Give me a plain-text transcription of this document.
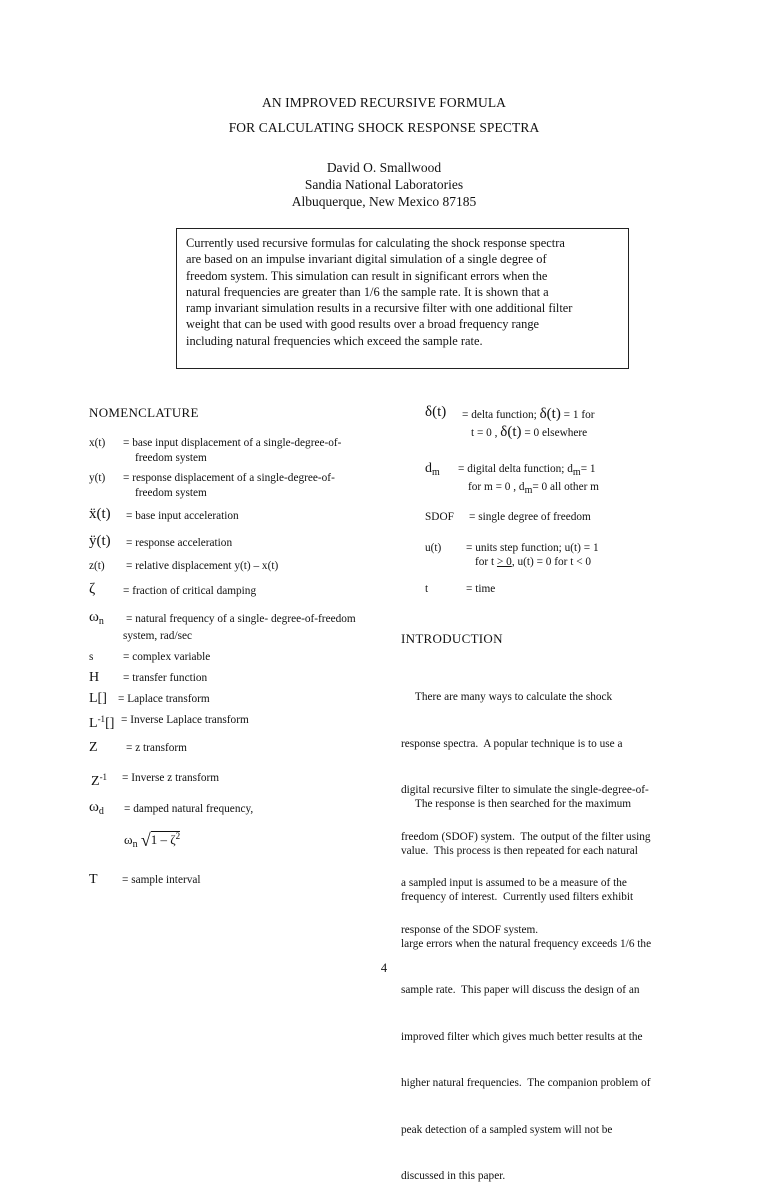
AN IMPROVED RECURSIVE FORMULA
FOR CALCULATING SHOCK RESPONSE SPECTRA
David O. Smallwood
Sandia National Laboratories
Albuquerque, New Mexico 87185
Currently used recursive formulas for calculating the shock response spectra
are based on an impulse invariant digital simulation of a single degree of
freedom system. This simulation can result in significant errors when the
natural frequencies are greater than 1/6 the sample rate. It is shown that a
ramp invariant simulation results in a recursive filter with one additional filter
weight that can be used with good results over a broad frequency range
including natural frequencies which exceed the sample rate.
NOMENCLATURE
x(t) = base input displacement of a single-degree-of-
freedom system
y(t) = response displacement of a single-degree-of-
freedom system
ẍ(t) = base input acceleration
ÿ(t) = response acceleration
z(t) = relative displacement y(t) – x(t)
ζ = fraction of critical damping
$\omega_n$ = natural frequency of a single- degree-of-freedom
system, rad/sec
s	= complex variable
H = transfer function
L[] = Laplace transform
$L^{-1}[]$ = Inverse Laplace transform
Z	= z transform
$Z^{-1}$ = Inverse z transform
$\omega_d$ = damped natural frequency,
$\omega_n$ $√1 - \zeta^2$
T = sample interval
δ(t) = delta function; δ(t) = 1 for
t = 0 , δ(t) = 0 elsewhere
$d_m$ = digital delta function; dm= 1
for m = 0 , dm= 0 all other m
SDOF = single degree of freedom
u(t) = units step function; u(t) = 1
for t > 0, u(t) = 0 for t < 0
t	= time
INTRODUCTION

There are many ways to calculate the shock

response spectra.  A popular technique is to use a

digital recursive filter to simulate the single-degree-of-

freedom (SDOF) system.  The output of the filter using

a sampled input is assumed to be a measure of the

response of the SDOF system.

The response is then searched for the maximum

value.  This process is then repeated for each natural

frequency of interest.  Currently used filters exhibit

large errors when the natural frequency exceeds 1/6 the

sample rate.  This paper will discuss the design of an

improved filter which gives much better results at the

higher natural frequencies.  The companion problem of

peak detection of a sampled system will not be

discussed in this paper.

4
